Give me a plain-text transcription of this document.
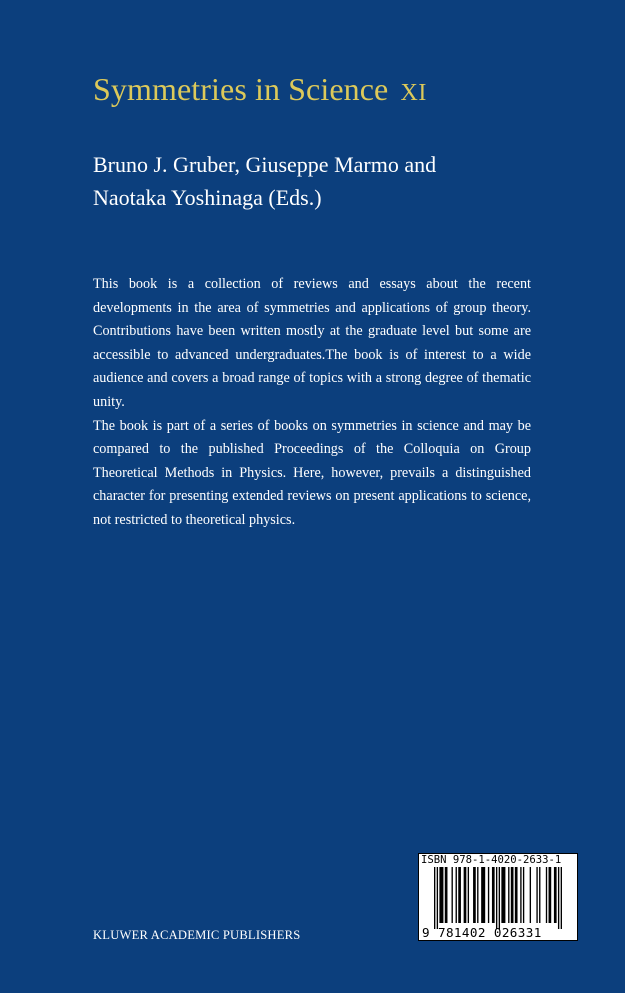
Symmetries in Science XI
Bruno J. Gruber, Giuseppe Marmo and
Naotaka Yoshinaga (Eds.)

This book is a collection of reviews and essays about the recent developments in the area of symmetries and applications of group theory. Contributions have been written mostly at the graduate level but some are accessible to advanced undergraduates.The book is of interest to a wide audience and covers a broad range of topics with a strong degree of thematic unity.

The book is part of a series of books on symmetries in science and may be compared to the published Proceedings of the Colloquia on Group Theoretical Methods in Physics. Here, however, prevails a distinguished character for presenting extended reviews on present applications to science, not restricted to theoretical physics.

KLUWER ACADEMIC PUBLISHERS
ISBN 978-1-4020-2633-1
9 781402 026331
